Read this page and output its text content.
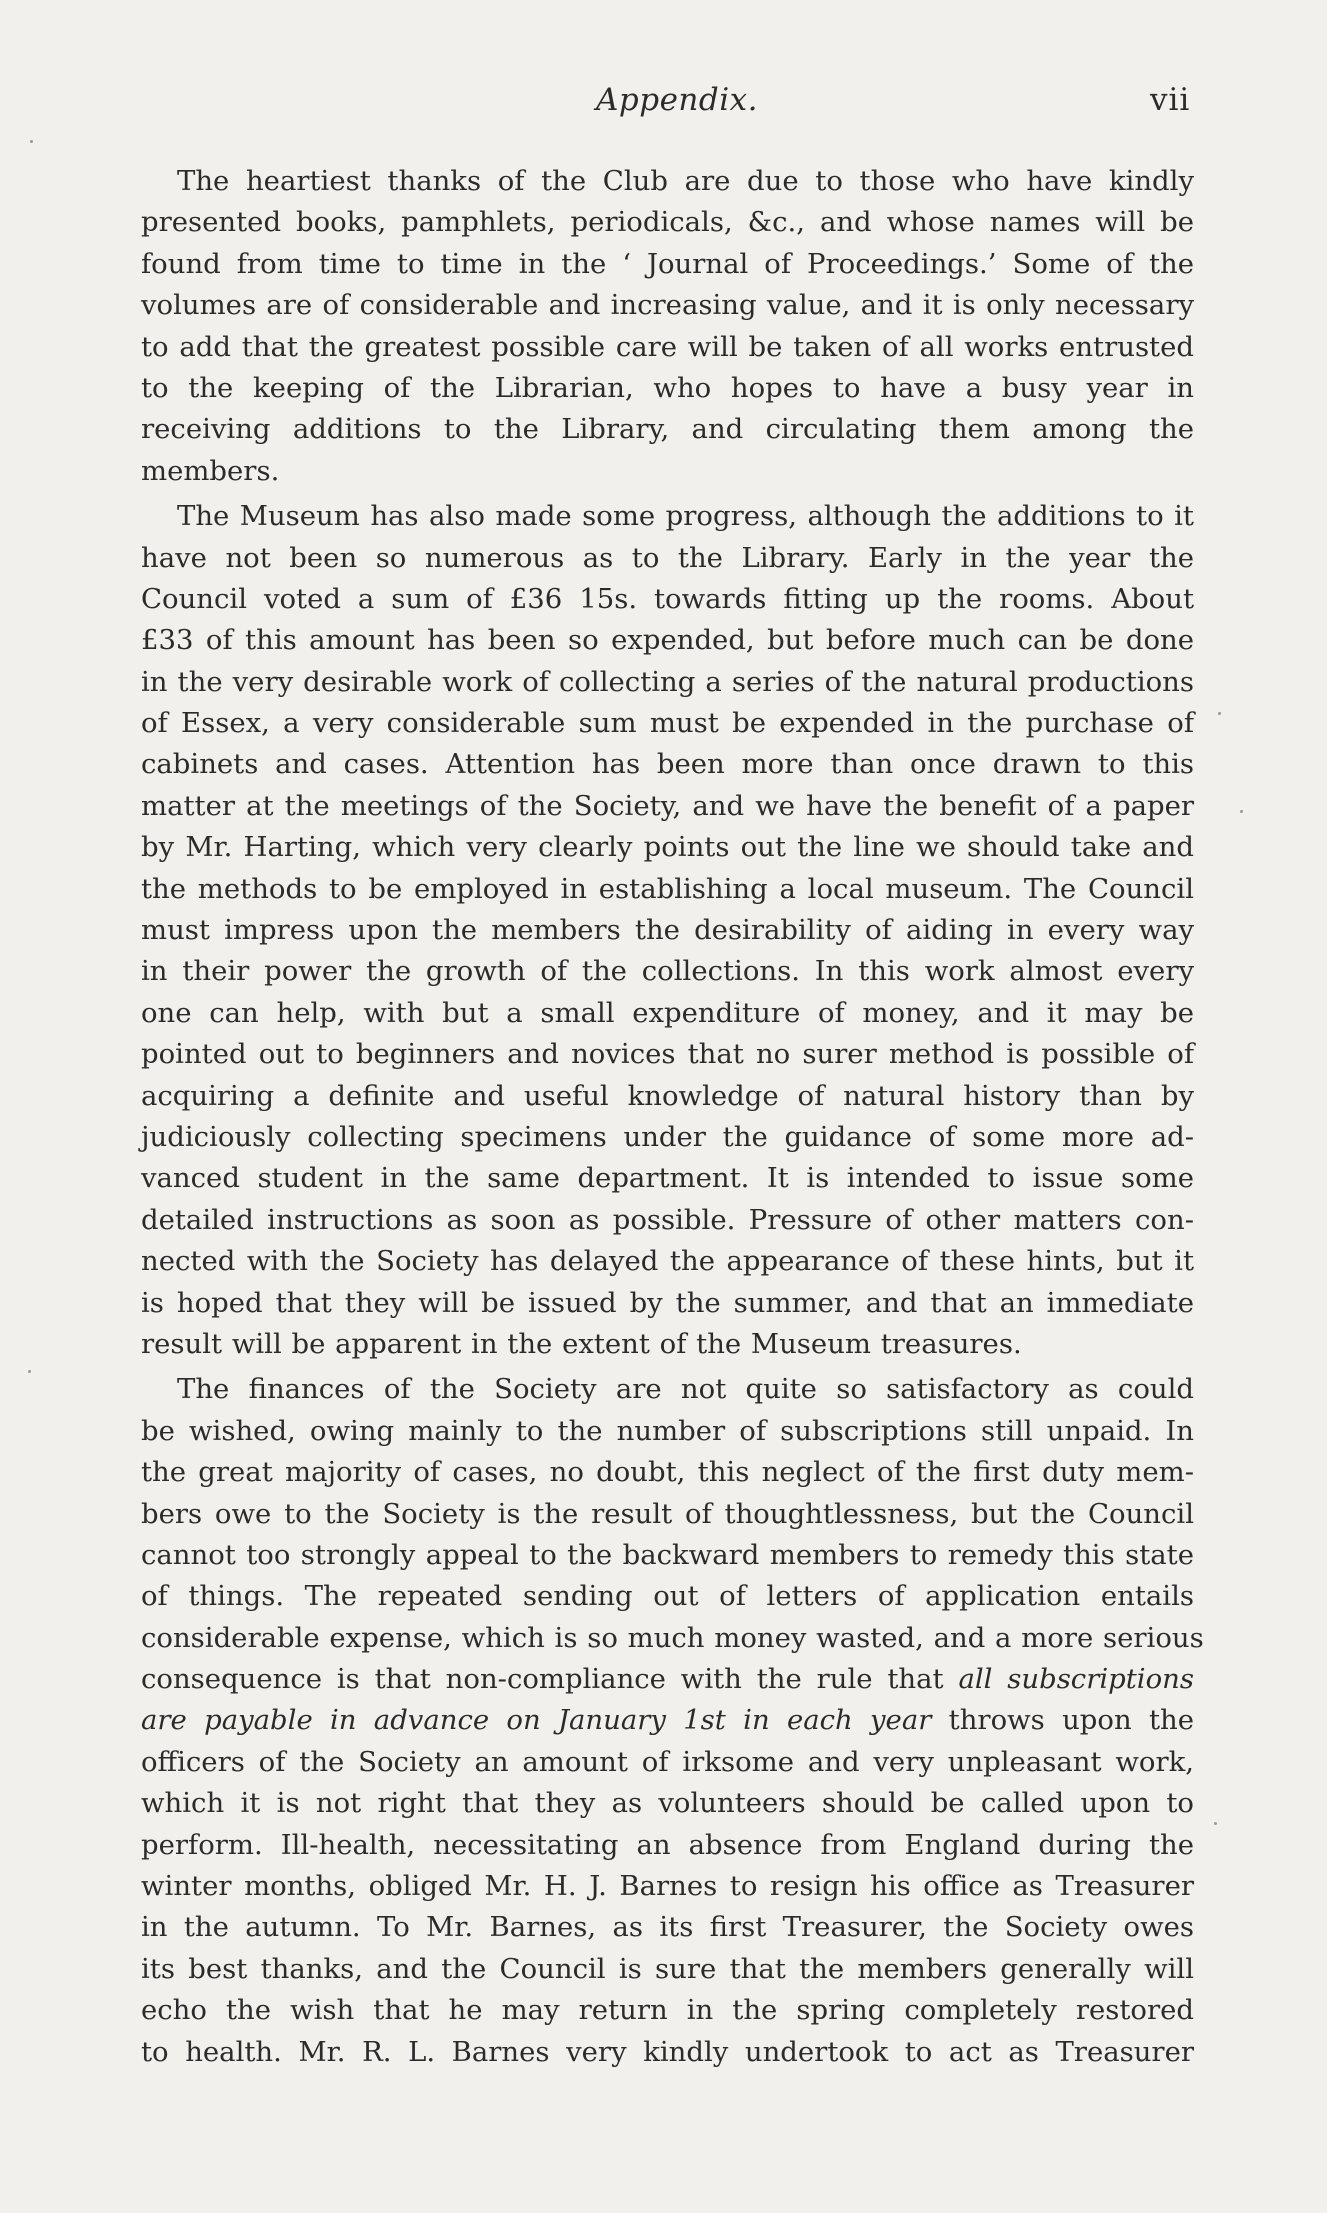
Appendix.	vii
The heartiest thanks of the Club are due to those who have kindly
presented books, pamphlets, periodicals, &c., and whose names will be
found from time to time in the ‘ Journal of Proceedings.’ Some of the
volumes are of considerable and increasing value, and it is only necessary
to add that the greatest possible care will be taken of all works entrusted
to the keeping of the Librarian, who hopes to have a busy year in
receiving additions to the Library, and circulating them among the
members.
The Museum has also made some progress, although the additions to it
have not been so numerous as to the Library. Early in the year the
Council voted a sum of £36 15s. towards fitting up the rooms. About
£33 of this amount has been so expended, but before much can be done
in the very desirable work of collecting a series of the natural productions
of Essex, a very considerable sum must be expended in the purchase of
cabinets and cases. Attention has been more than once drawn to this
matter at the meetings of the Society, and we have the benefit of a paper
by Mr. Harting, which very clearly points out the line we should take and
the methods to be employed in establishing a local museum. The Council
must impress upon the members the desirability of aiding in every way
in their power the growth of the collections. In this work almost every
one can help, with but a small expenditure of money, and it may be
pointed out to beginners and novices that no surer method is possible of
acquiring a definite and useful knowledge of natural history than by
judiciously collecting specimens under the guidance of some more ad-
vanced student in the same department. It is intended to issue some
detailed instructions as soon as possible. Pressure of other matters con-
nected with the Society has delayed the appearance of these hints, but it
is hoped that they will be issued by the summer, and that an immediate
result will be apparent in the extent of the Museum treasures.
The finances of the Society are not quite so satisfactory as could
be wished, owing mainly to the number of subscriptions still unpaid. In
the great majority of cases, no doubt, this neglect of the first duty mem-
bers owe to the Society is the result of thoughtlessness, but the Council
cannot too strongly appeal to the backward members to remedy this state
of things. The repeated sending out of letters of application entails
considerable expense, which is so much money wasted, and a more serious
consequence is that non-compliance with the rule that all subscriptions
are payable in advance on January 1st in each year throws upon the
officers of the Society an amount of irksome and very unpleasant work,
which it is not right that they as volunteers should be called upon to
perform. Ill-health, necessitating an absence from England during the
winter months, obliged Mr. H. J. Barnes to resign his office as Treasurer
in the autumn. To Mr. Barnes, as its first Treasurer, the Society owes
its best thanks, and the Council is sure that the members generally will
echo the wish that he may return in the spring completely restored
to health. Mr. R. L. Barnes very kindly undertook to act as Treasurer
